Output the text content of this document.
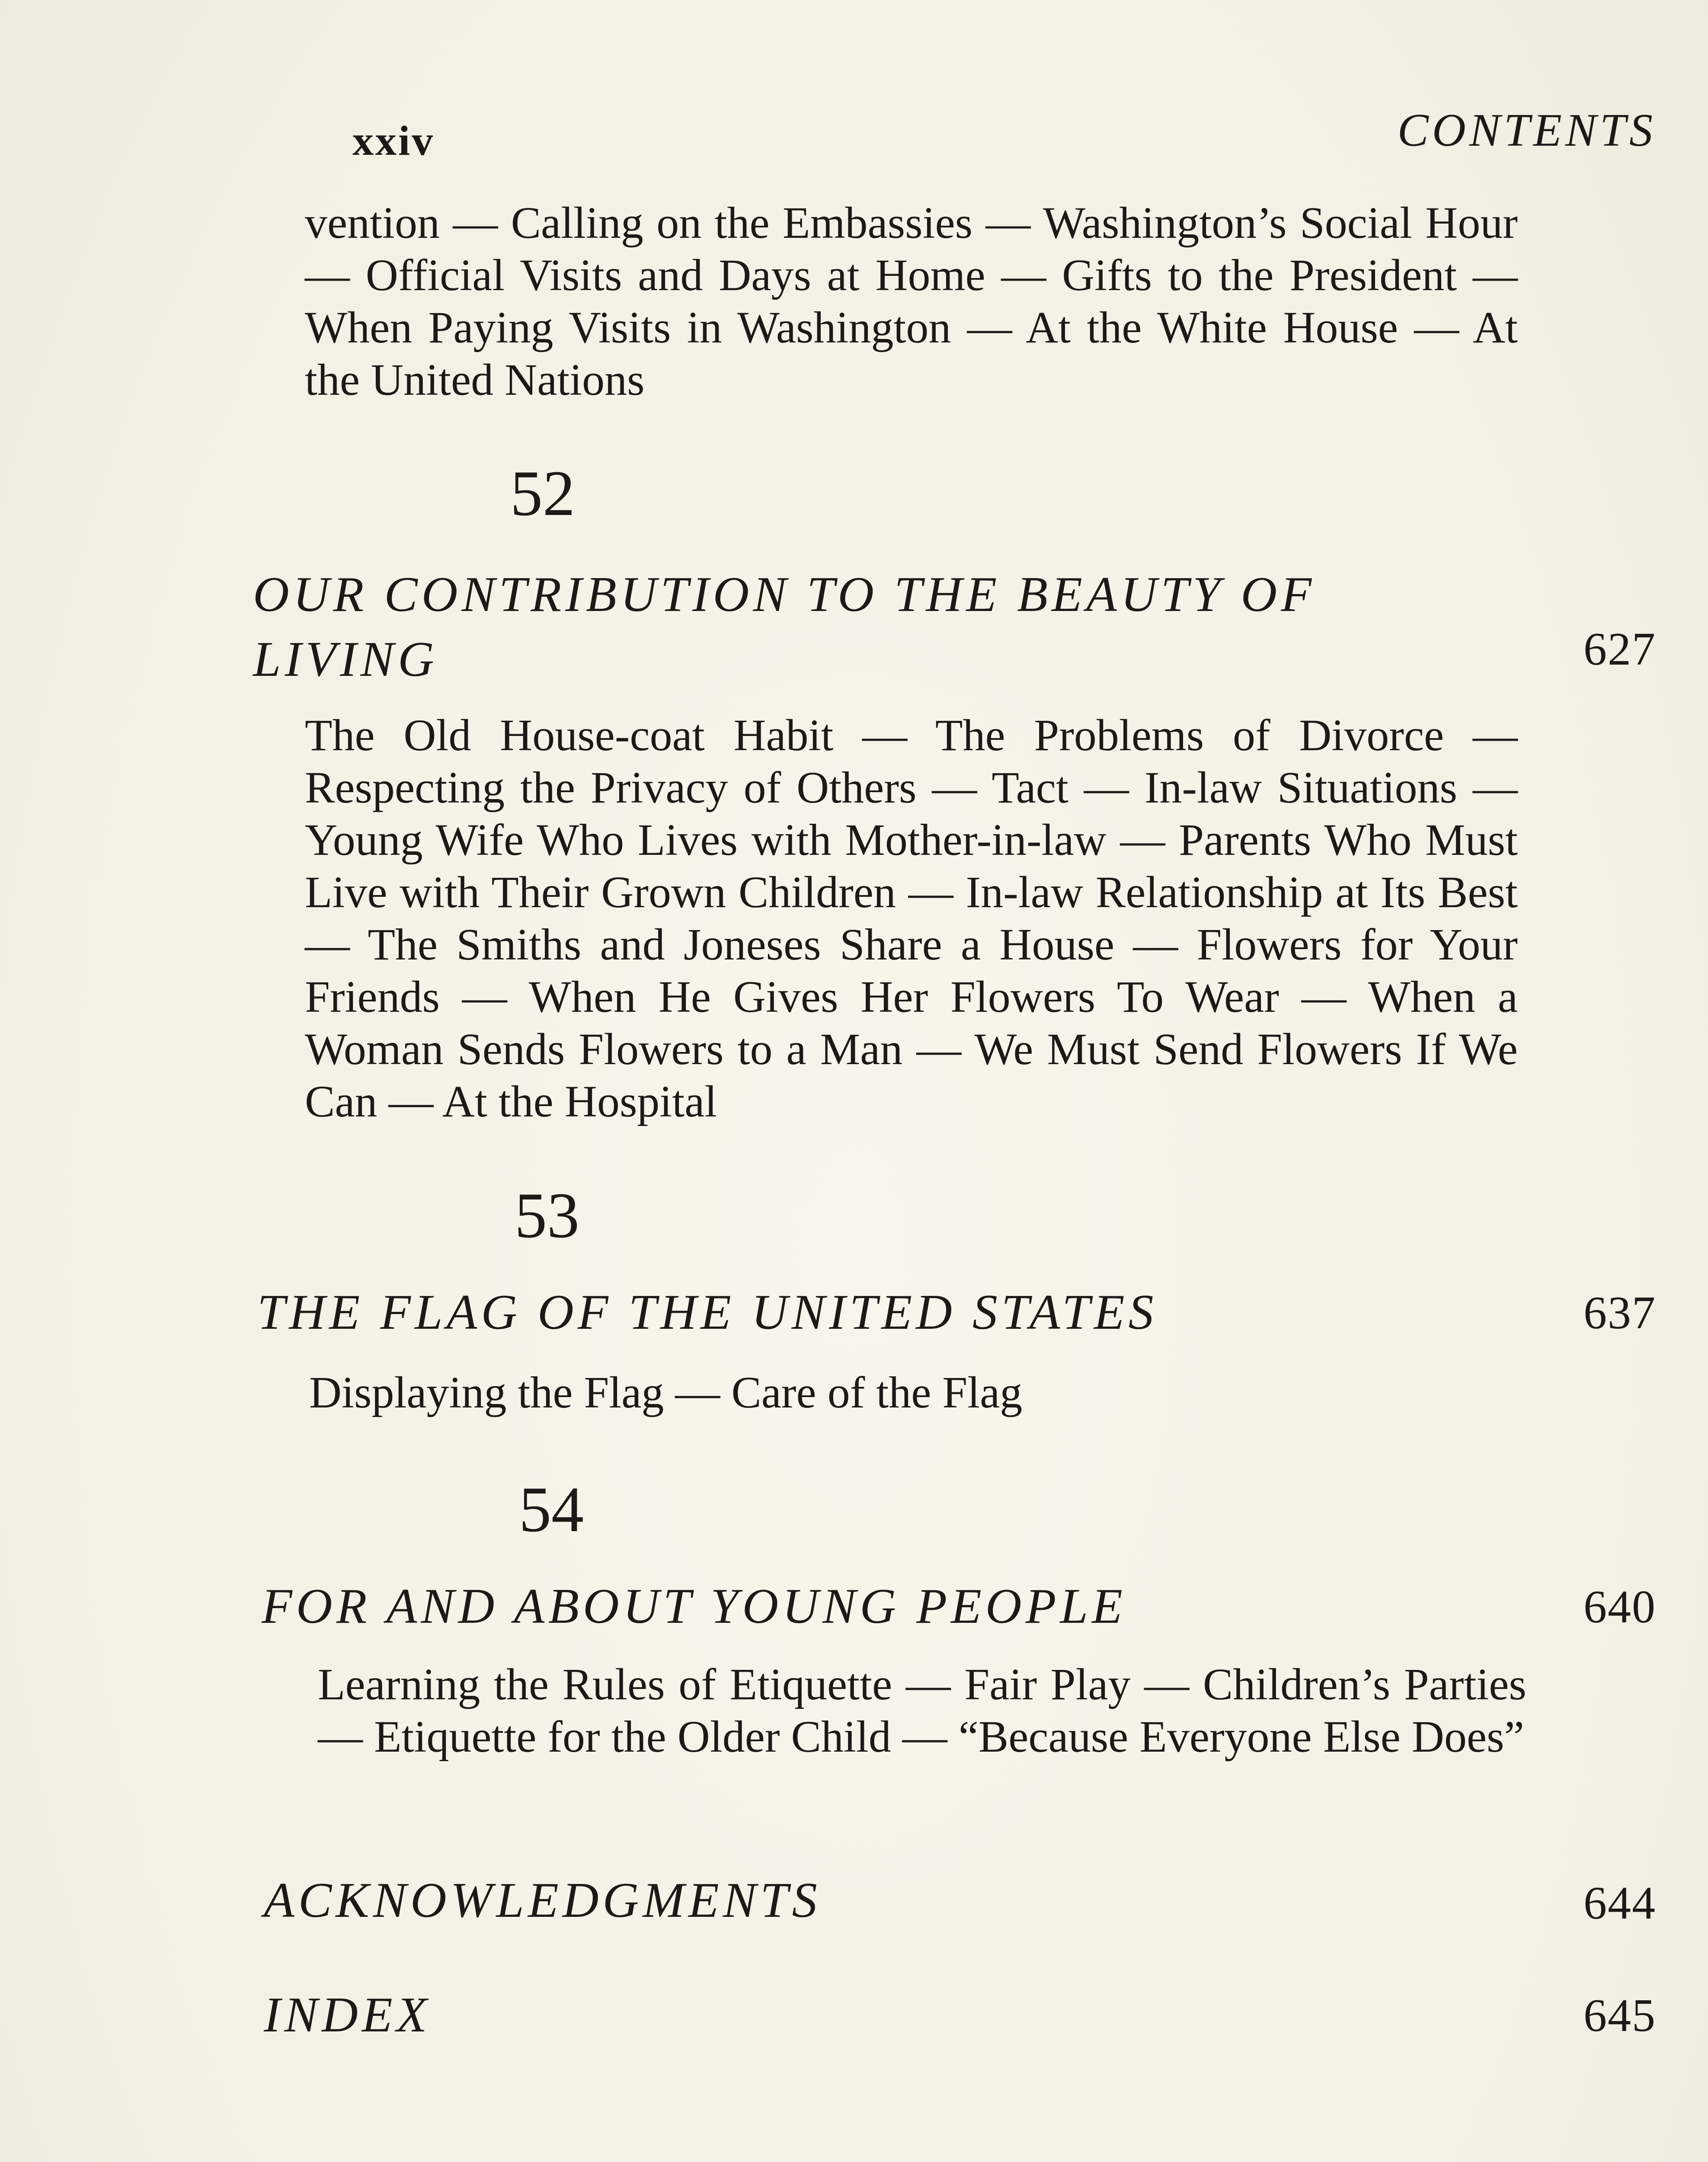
xxiv	CONTENTS
vention — Calling on the Embassies — Washington’s Social Hour — Official Visits and Days at Home — Gifts to the President — When Paying Visits in Washington — At the White House — At the United Nations
52
OUR CONTRIBUTION TO THE BEAUTY OF LIVING	627
The Old House-coat Habit — The Problems of Divorce — Respecting the Privacy of Others — Tact — In-law Situations — Young Wife Who Lives with Mother-in-law — Parents Who Must Live with Their Grown Children — In-law Relationship at Its Best — The Smiths and Joneses Share a House — Flowers for Your Friends — When He Gives Her Flowers To Wear — When a Woman Sends Flowers to a Man — We Must Send Flowers If We Can — At the Hospital
53
THE FLAG OF THE UNITED STATES	637
Displaying the Flag — Care of the Flag
54
FOR AND ABOUT YOUNG PEOPLE	640
Learning the Rules of Etiquette — Fair Play — Children’s Parties — Etiquette for the Older Child — “Because Everyone Else Does”
ACKNOWLEDGMENTS	644
INDEX	645
